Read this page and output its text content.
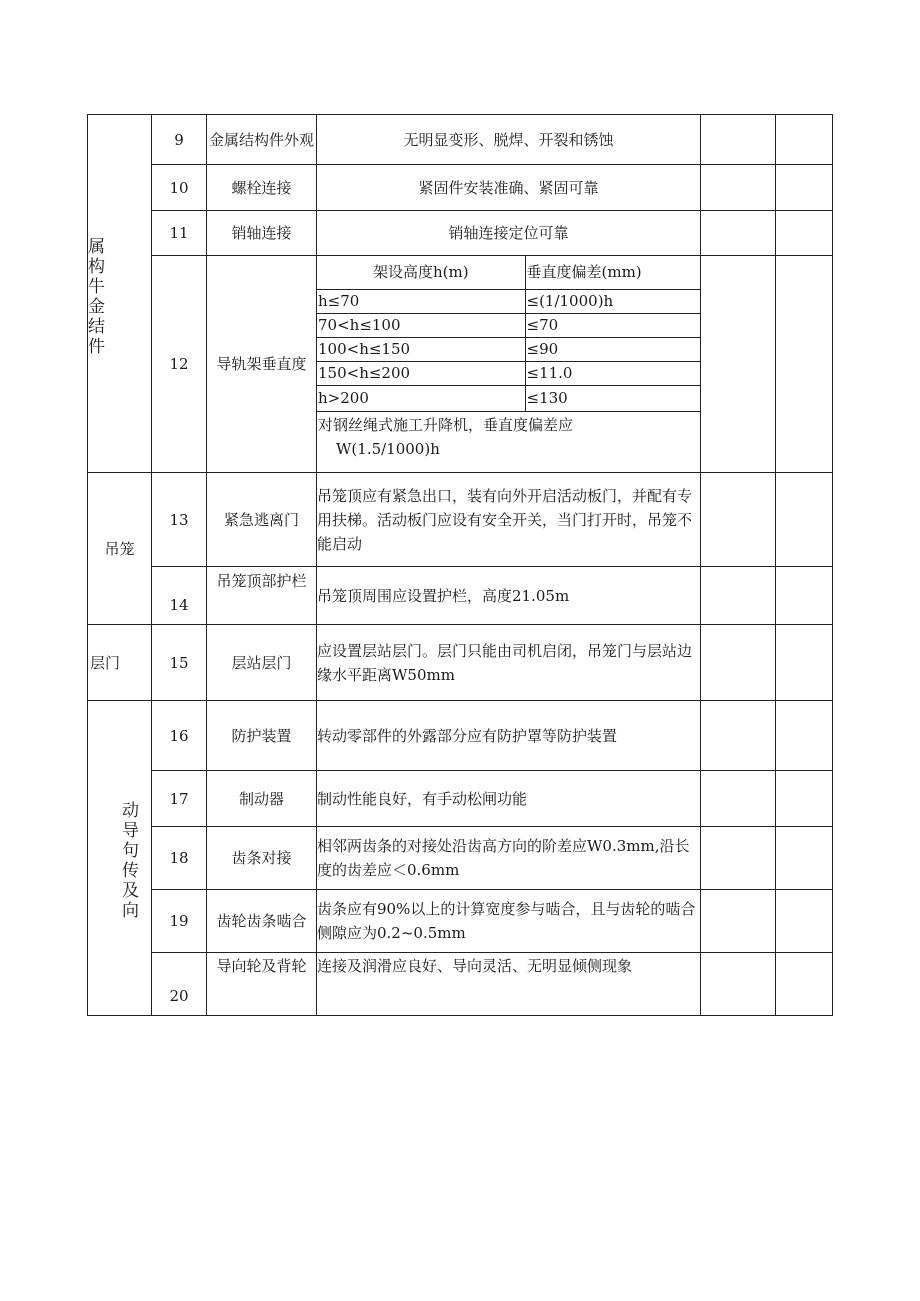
属构牛金结件	9	金属结构件外观	无明显变形、脱焊、开裂和锈蚀		
10	螺栓连接	紧固件安装准确、紧固可靠		
11	销轴连接	销轴连接定位可靠		
12	导轨架垂直度	
架设高度h(m)	垂直度偏差(mm)
h≤70	≤(1/1000)h
70<h≤100	≤70
100<h≤150	≤90
150<h≤200	≤11.0
h>200	≤130

对钢丝绳式施工升降机，垂直度偏差应
W(1.5/1000)h

吊笼	13	紧急逃离门	吊笼顶应有紧急出口，装有向外开启活动板门，并配有专用扶梯。活动板门应设有安全开关，当门打开时，吊笼不能启动		
14	吊笼顶部护栏	吊笼顶周围应设置护栏，高度21.05m		
层门	15	层站层门	应设置层站层门。层门只能由司机启闭，吊笼门与层站边缘水平距离W50mm		
动导句传及向	16	防护装置	转动零部件的外露部分应有防护罩等防护装置		
17	制动器	制动性能良好，有手动松闸功能		
18	齿条对接	相邻两齿条的对接处沿齿高方向的阶差应W0.3mm,沿长度的齿差应＜0.6mm		
19	齿轮齿条啮合	齿条应有90%以上的计算宽度参与啮合，且与齿轮的啮合侧隙应为0.2~0.5mm		
20	导向轮及背轮	连接及润滑应良好、导向灵活、无明显倾侧现象		
